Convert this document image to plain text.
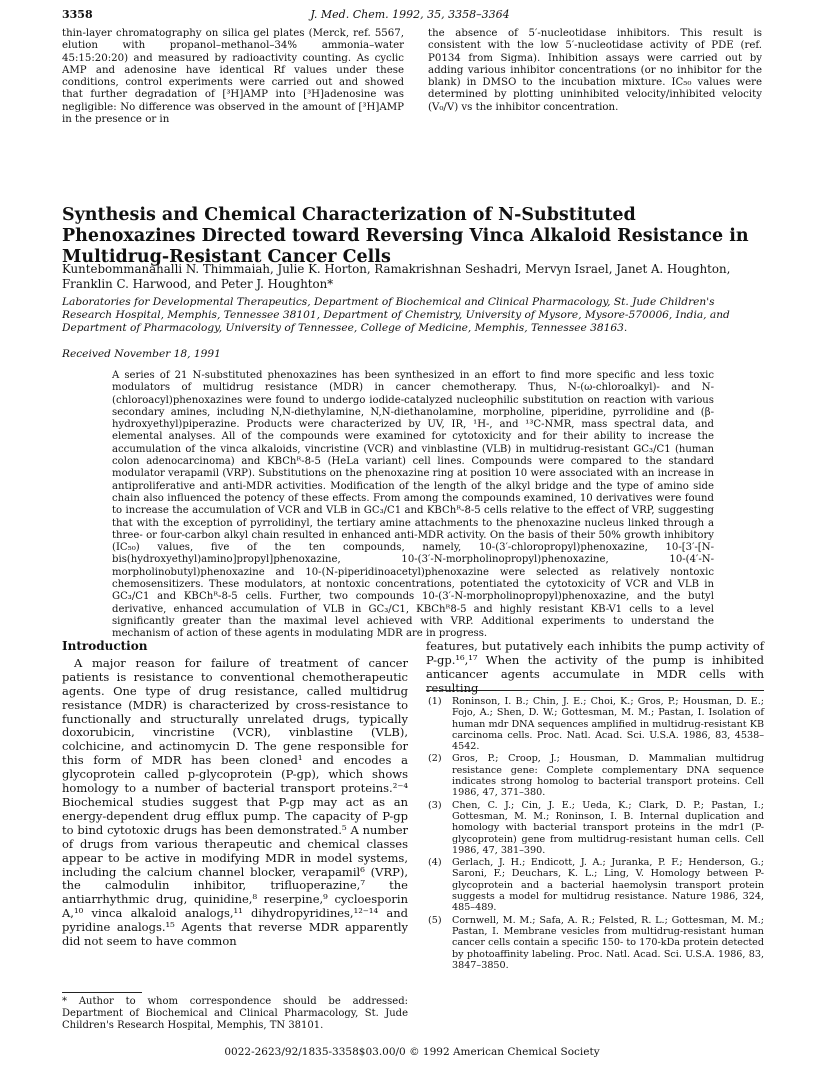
3358	J. Med. Chem. 1992, 35, 3358–3364

thin-layer chromatography on silica gel plates (Merck, ref. 5567, elution with propanol–methanol–34% ammonia–water 45:15:20:20) and measured by radioactivity counting. As cyclic AMP and adenosine have identical Rf values under these conditions, control experiments were carried out and showed that further degradation of [³H]AMP into [³H]adenosine was negligible: No difference was observed in the amount of [³H]AMP in the presence or in

the absence of 5′-nucleotidase inhibitors. This result is consistent with the low 5′-nucleotidase activity of PDE (ref. P0134 from Sigma). Inhibition assays were carried out by adding various inhibitor concentrations (or no inhibitor for the blank) in DMSO to the incubation mixture. IC₅₀ values were determined by plotting uninhibited velocity/inhibited velocity (V₀/V) vs the inhibitor concentration.

Synthesis and Chemical Characterization of N-Substituted Phenoxazines Directed toward Reversing Vinca Alkaloid Resistance in Multidrug-Resistant Cancer Cells
Kuntebommanahalli N. Thimmaiah, Julie K. Horton, Ramakrishnan Seshadri, Mervyn Israel, Janet A. Houghton, Franklin C. Harwood, and Peter J. Houghton*
Laboratories for Developmental Therapeutics, Department of Biochemical and Clinical Pharmacology, St. Jude Children's Research Hospital, Memphis, Tennessee 38101, Department of Chemistry, University of Mysore, Mysore-570006, India, and Department of Pharmacology, University of Tennessee, College of Medicine, Memphis, Tennessee 38163.
Received November 18, 1991
A series of 21 N-substituted phenoxazines has been synthesized in an effort to find more specific and less toxic modulators of multidrug resistance (MDR) in cancer chemotherapy. Thus, N-(ω-chloroalkyl)- and N-(chloroacyl)phenoxazines were found to undergo iodide-catalyzed nucleophilic substitution on reaction with various secondary amines, including N,N-diethylamine, N,N-diethanolamine, morpholine, piperidine, pyrrolidine and (β-hydroxyethyl)piperazine. Products were characterized by UV, IR, ¹H-, and ¹³C-NMR, mass spectral data, and elemental analyses. All of the compounds were examined for cytotoxicity and for their ability to increase the accumulation of the vinca alkaloids, vincristine (VCR) and vinblastine (VLB) in multidrug-resistant GC₃/C1 (human colon adenocarcinoma) and KBChᴿ-8-5 (HeLa variant) cell lines. Compounds were compared to the standard modulator verapamil (VRP). Substitutions on the phenoxazine ring at position 10 were associated with an increase in antiproliferative and anti-MDR activities. Modification of the length of the alkyl bridge and the type of amino side chain also influenced the potency of these effects. From among the compounds examined, 10 derivatives were found to increase the accumulation of VCR and VLB in GC₃/C1 and KBChᴿ-8-5 cells relative to the effect of VRP, suggesting that with the exception of pyrrolidinyl, the tertiary amine attachments to the phenoxazine nucleus linked through a three- or four-carbon alkyl chain resulted in enhanced anti-MDR activity. On the basis of their 50% growth inhibitory (IC₅₀) values, five of the ten compounds, namely, 10-(3′-chloropropyl)phenoxazine, 10-[3′-[N-bis(hydroxyethyl)amino]propyl]phenoxazine, 10-(3′-N-morpholinopropyl)phenoxazine, 10-(4′-N-morpholinobutyl)phenoxazine and 10-(N-piperidinoacetyl)phenoxazine were selected as relatively nontoxic chemosensitizers. These modulators, at nontoxic concentrations, potentiated the cytotoxicity of VCR and VLB in GC₃/C1 and KBChᴿ-8-5 cells. Further, two compounds 10-(3′-N-morpholinopropyl)phenoxazine, and the butyl derivative, enhanced accumulation of VLB in GC₃/C1, KBChᴿ8-5 and highly resistant KB-V1 cells to a level significantly greater than the maximal level achieved with VRP. Additional experiments to understand the mechanism of action of these agents in modulating MDR are in progress.
Introduction

A major reason for failure of treatment of cancer patients is resistance to conventional chemotherapeutic agents. One type of drug resistance, called multidrug resistance (MDR) is characterized by cross-resistance to functionally and structurally unrelated drugs, typically doxorubicin, vincristine (VCR), vinblastine (VLB), colchicine, and actinomycin D. The gene responsible for this form of MDR has been cloned¹ and encodes a glycoprotein called p-glycoprotein (P-gp), which shows homology to a number of bacterial transport proteins.²⁻⁴ Biochemical studies suggest that P-gp may act as an energy-dependent drug efflux pump. The capacity of P-gp to bind cytotoxic drugs has been demonstrated.⁵ A number of drugs from various therapeutic and chemical classes appear to be active in modifying MDR in model systems, including the calcium channel blocker, verapamil⁶ (VRP), the calmodulin inhibitor, trifluoperazine,⁷ the antiarrhythmic drug, quinidine,⁸ reserpine,⁹ cycloesporin A,¹⁰ vinca alkaloid analogs,¹¹ dihydropyridines,¹²⁻¹⁴ and pyridine analogs.¹⁵ Agents that reverse MDR apparently did not seem to have common

* Author to whom correspondence should be addressed: Department of Biochemical and Clinical Pharmacology, St. Jude Children's Research Hospital, Memphis, TN 38101.

features, but putatively each inhibits the pump activity of P-gp.¹⁶,¹⁷ When the activity of the pump is inhibited anticancer agents accumulate in MDR cells with resulting

(1)	Roninson, I. B.; Chin, J. E.; Choi, K.; Gros, P.; Housman, D. E.; Fojo, A.; Shen, D. W.; Gottesman, M. M.; Pastan, I. Isolation of human mdr DNA sequences amplified in multidrug-resistant KB carcinoma cells. Proc. Natl. Acad. Sci. U.S.A. 1986, 83, 4538–4542.
(2)	Gros, P.; Croop, J.; Housman, D. Mammalian multidrug resistance gene: Complete complementary DNA sequence indicates strong homolog to bacterial transport proteins. Cell 1986, 47, 371–380.
(3)	Chen, C. J.; Cin, J. E.; Ueda, K.; Clark, D. P.; Pastan, I.; Gottesman, M. M.; Roninson, I. B. Internal duplication and homology with bacterial transport proteins in the mdr1 (P-glycoprotein) gene from multidrug-resistant human cells. Cell 1986, 47, 381–390.
(4)	Gerlach, J. H.; Endicott, J. A.; Juranka, P. F.; Henderson, G.; Saroni, F.; Deuchars, K. L.; Ling, V. Homology between P-glycoprotein and a bacterial haemolysin transport protein suggests a model for multidrug resistance. Nature 1986, 324, 485–489.
(5)	Cornwell, M. M.; Safa, A. R.; Felsted, R. L.; Gottesman, M. M.; Pastan, I. Membrane vesicles from multidrug-resistant human cancer cells contain a specific 150- to 170-kDa protein detected by photoaffinity labeling. Proc. Natl. Acad. Sci. U.S.A. 1986, 83, 3847–3850.
0022-2623/92/1835-3358$03.00/0 © 1992 American Chemical Society
